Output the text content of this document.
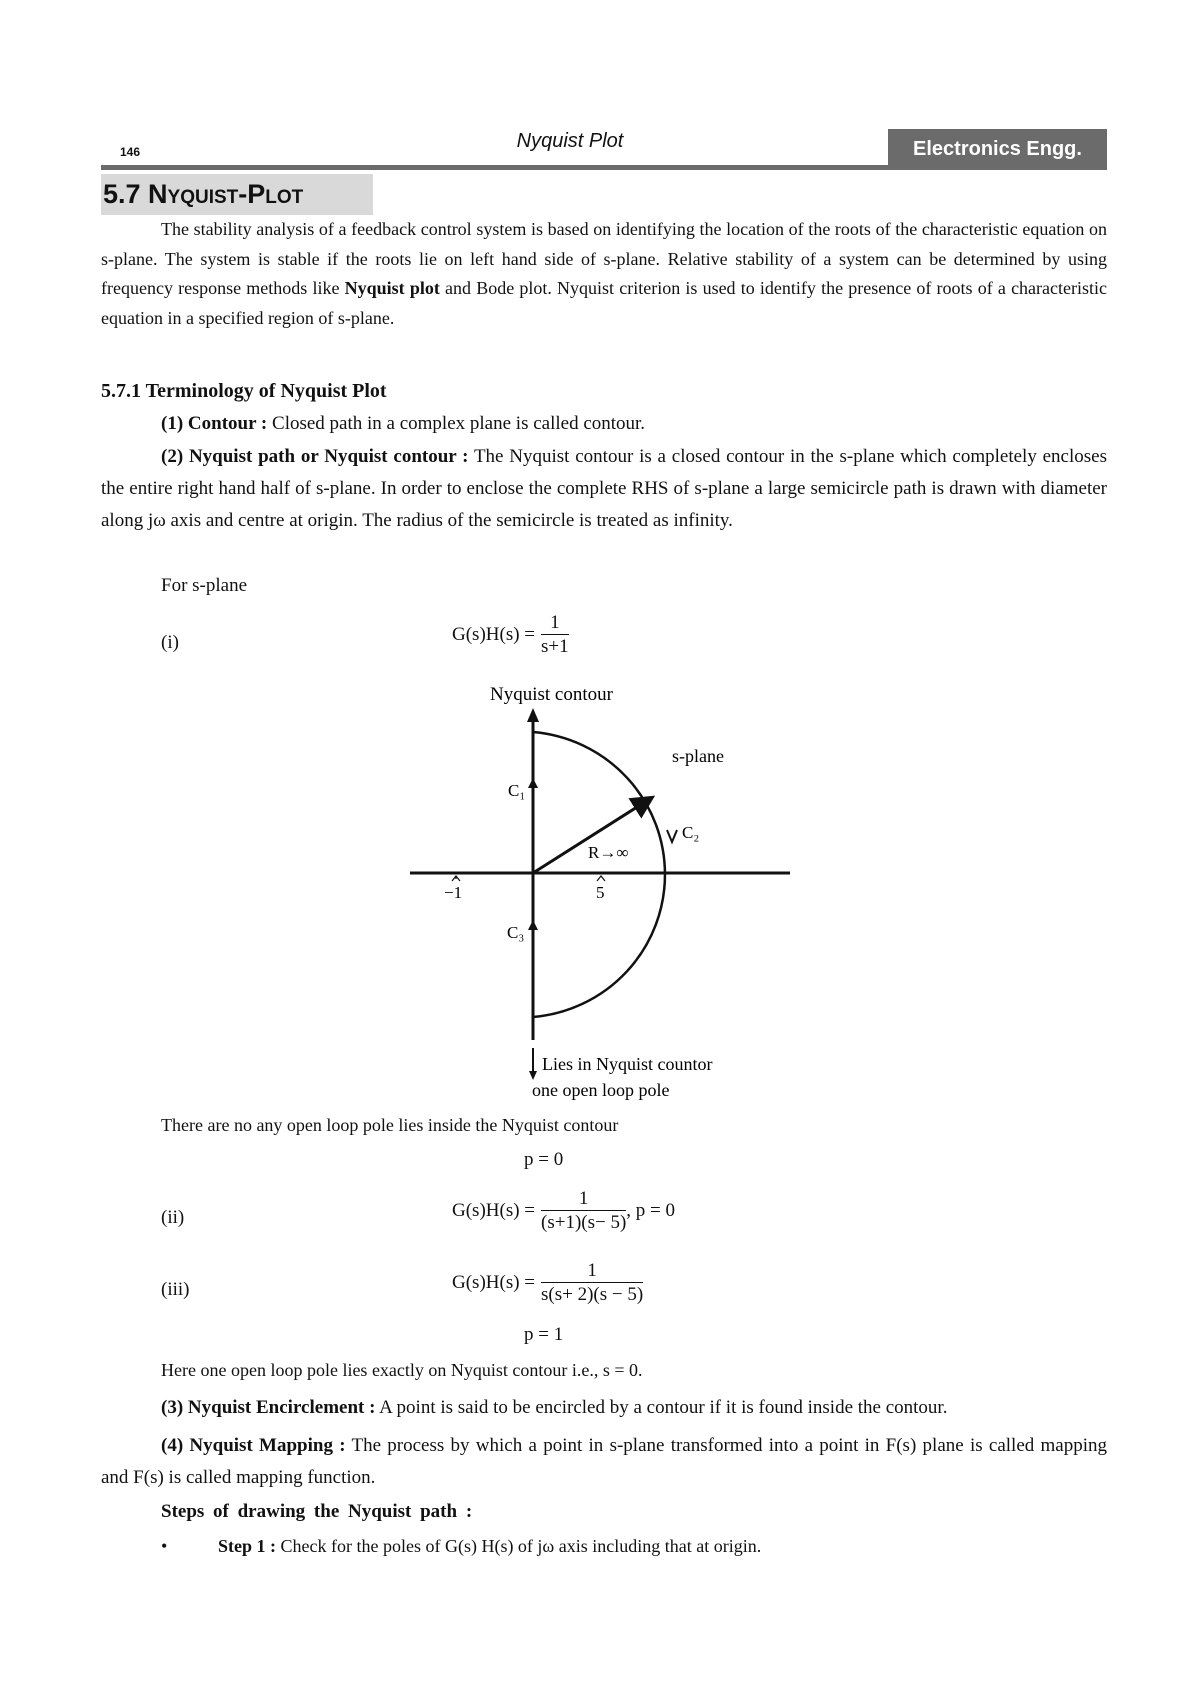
146	Nyquist Plot	Electronics Engg.
5.7 Nyquist-Plot
The stability analysis of a feedback control system is based on identifying the location of the roots of the characteristic equation on s-plane. The system is stable if the roots lie on left hand side of s-plane. Relative stability of a system can be determined by using frequency response methods like Nyquist plot and Bode plot. Nyquist criterion is used to identify the presence of roots of a characteristic equation in a specified region of s-plane.
5.7.1 Terminology of Nyquist Plot
(1) Contour : Closed path in a complex plane is called contour.
(2) Nyquist path or Nyquist contour : The Nyquist contour is a closed contour in the s-plane which completely encloses the entire right hand half of s-plane. In order to enclose the complete RHS of s-plane a large semicircle path is drawn with diameter along jω axis and centre at origin. The radius of the semicircle is treated as infinity.
For s-plane
(i)	$G(s)H(s) = \frac{1}{s+1}$
Nyquist contour
s-plane
C₁
C₂
C₃
R→∞
−1	5
Lies in Nyquist countor
one open loop pole
There are no any open loop pole lies inside the Nyquist contour
p = 0
(ii)	$G(s)H(s) = \frac{1}{(s+1)(s- 5)}$ , p = 0
(iii)	$G(s)H(s) = \frac{1}{s(s+ 2)(s - 5)}$
p = 1
Here one open loop pole lies exactly on Nyquist contour i.e., s = 0.
(3) Nyquist Encirclement : A point is said to be encircled by a contour if it is found inside the contour.
(4) Nyquist Mapping : The process by which a point in s-plane transformed into a point in F(s) plane is called mapping and F(s) is called mapping function.
Steps of drawing the Nyquist path :
•	Step 1 : Check for the poles of G(s) H(s) of jω axis including that at origin.
